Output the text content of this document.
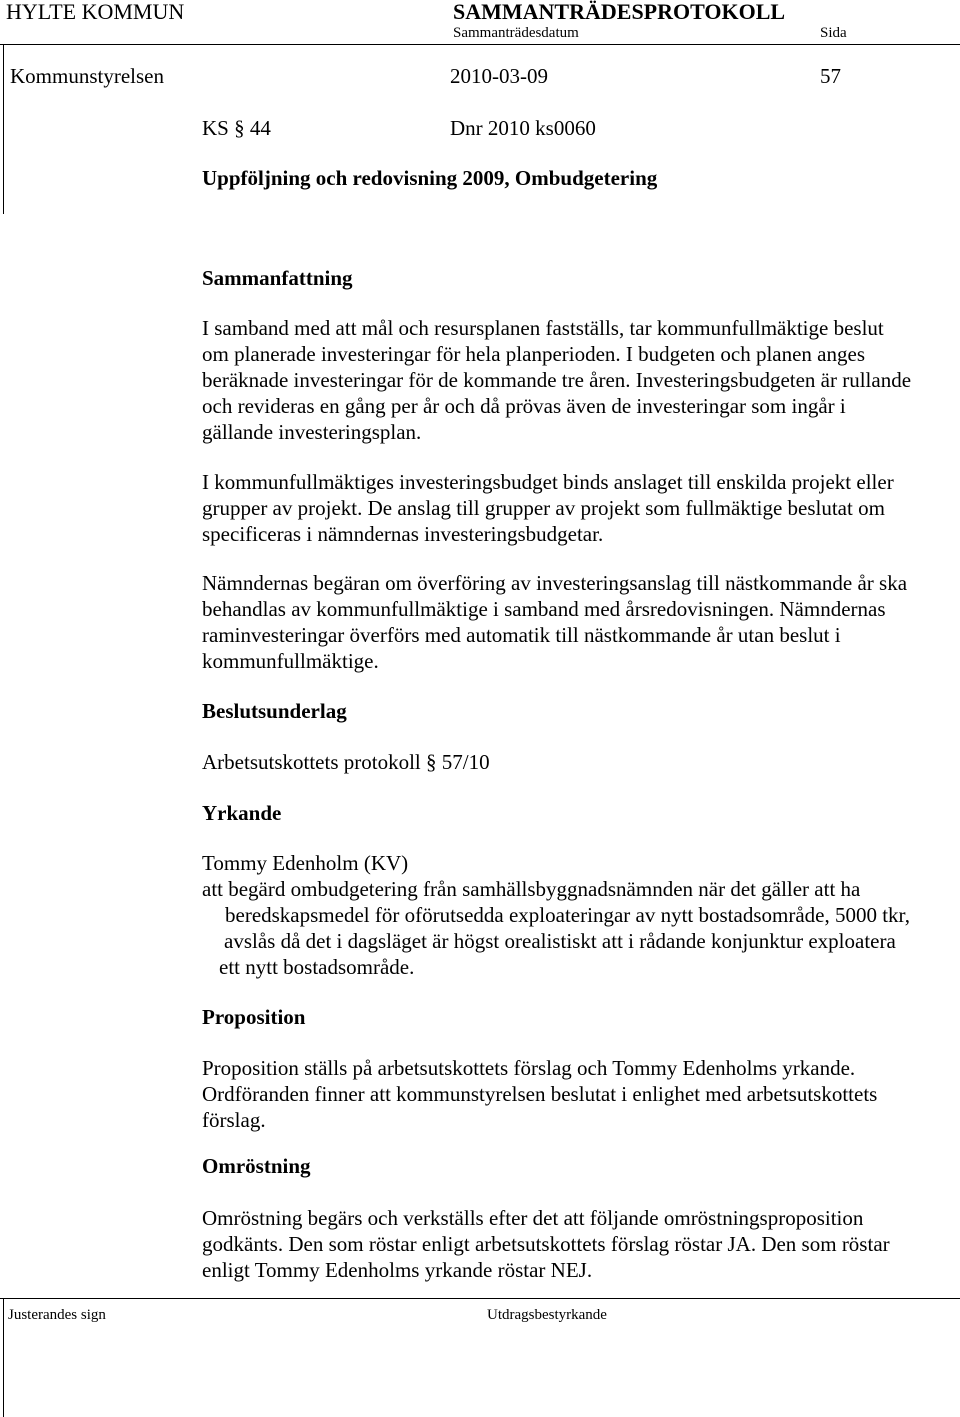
HYLTE KOMMUN	SAMMANTRÄDESPROTOKOLL
Sammanträdesdatum	Sida
Kommunstyrelsen	2010-03-09	57
KS § 44	Dnr 2010 ks0060
Uppföljning och redovisning 2009, Ombudgetering
Sammanfattning
I samband med att mål och resursplanen fastställs, tar kommunfullmäktige beslut
om planerade investeringar för hela planperioden. I budgeten och planen anges
beräknade investeringar för de kommande tre åren. Investeringsbudgeten är rullande
och revideras en gång per år och då prövas även de investeringar som ingår i
gällande investeringsplan.
I kommunfullmäktiges investeringsbudget binds anslaget till enskilda projekt eller
grupper av projekt. De anslag till grupper av projekt som fullmäktige beslutat om
specificeras i nämndernas investeringsbudgetar.
Nämndernas begäran om överföring av investeringsanslag till nästkommande år ska
behandlas av kommunfullmäktige i samband med årsredovisningen. Nämndernas
raminvesteringar överförs med automatik till nästkommande år utan beslut i
kommunfullmäktige.
Beslutsunderlag
Arbetsutskottets protokoll § 57/10
Yrkande
Tommy Edenholm (KV)
att begärd ombudgetering från samhällsbyggnadsnämnden när det gäller att ha
beredskapsmedel för oförutsedda exploateringar av nytt bostadsområde, 5000 tkr,
avslås då det i dagsläget är högst orealistiskt att i rådande konjunktur exploatera
ett nytt bostadsområde.
Proposition
Proposition ställs på arbetsutskottets förslag och Tommy Edenholms yrkande.
Ordföranden finner att kommunstyrelsen beslutat i enlighet med arbetsutskottets
förslag.
Omröstning
Omröstning begärs och verkställs efter det att följande omröstningsproposition
godkänts. Den som röstar enligt arbetsutskottets förslag röstar JA. Den som röstar
enligt Tommy Edenholms yrkande röstar NEJ.
Justerandes sign	Utdragsbestyrkande
